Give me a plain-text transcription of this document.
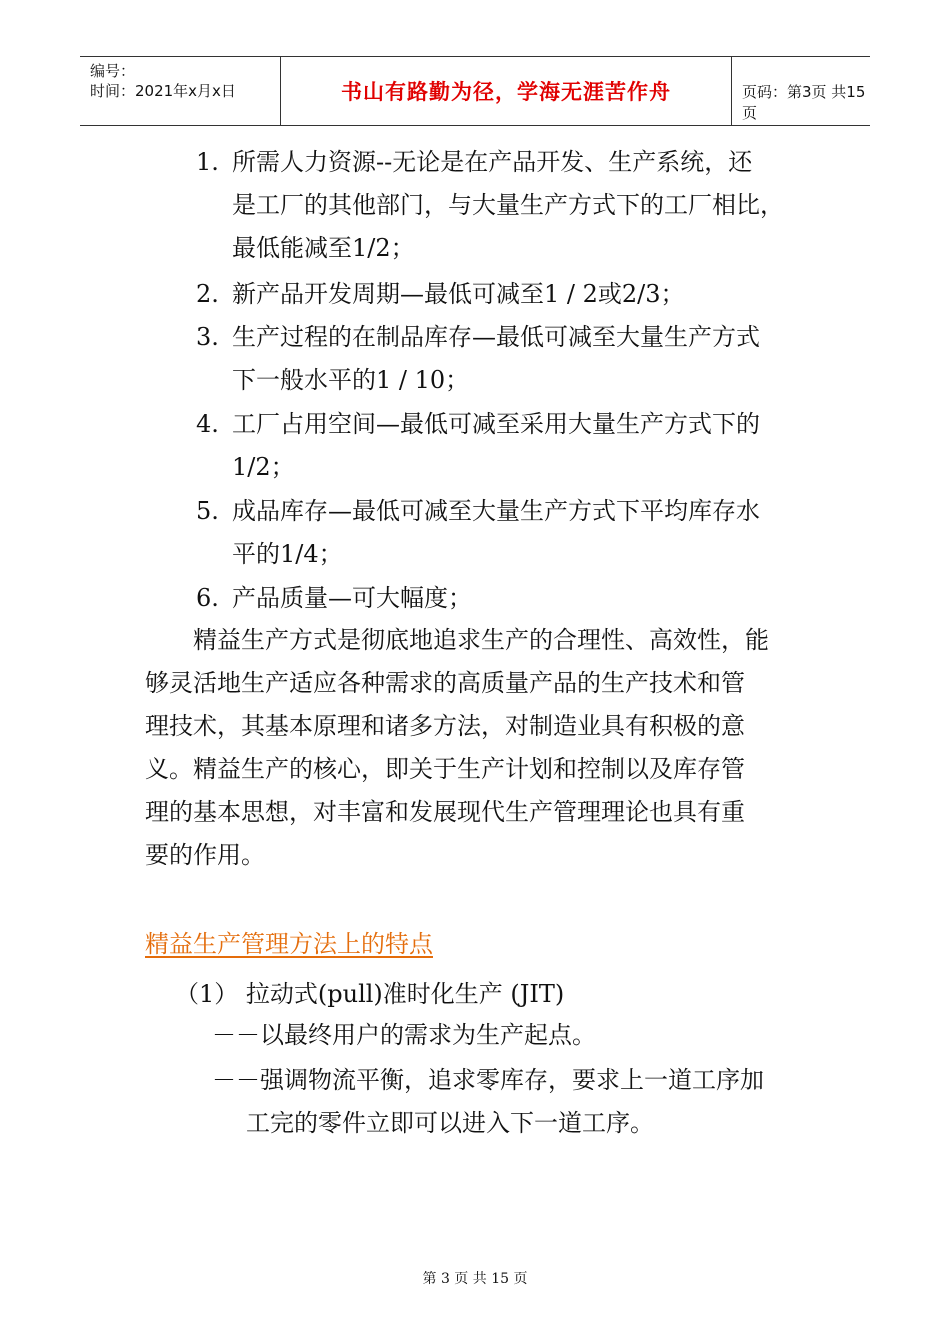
编号：
时间：2021年x月x日	书山有路勤为径，学海无涯苦作舟	页码：第3页 共15页
1. 所需人力资源--无论是在产品开发、生产系统，还
是工厂的其他部门，与大量生产方式下的工厂相比，
最低能减至1/2；
2. 新产品开发周期—最低可减至1 / 2或2/3；
3. 生产过程的在制品库存—最低可减至大量生产方式
下一般水平的1 / 10；
4. 工厂占用空间—最低可减至采用大量生产方式下的
1/2；
5. 成品库存—最低可减至大量生产方式下平均库存水
平的1/4；
6. 产品质量—可大幅度；
精益生产方式是彻底地追求生产的合理性、高效性，能
够灵活地生产适应各种需求的高质量产品的生产技术和管
理技术，其基本原理和诸多方法，对制造业具有积极的意
义。精益生产的核心，即关于生产计划和控制以及库存管
理的基本思想，对丰富和发展现代生产管理理论也具有重
要的作用。
精益生产管理方法上的特点
（1） 拉动式(pull)准时化生产 (JIT)
－－以最终用户的需求为生产起点。
－－强调物流平衡，追求零库存，要求上一道工序加
工完的零件立即可以进入下一道工序。
第 3 页 共 15 页
